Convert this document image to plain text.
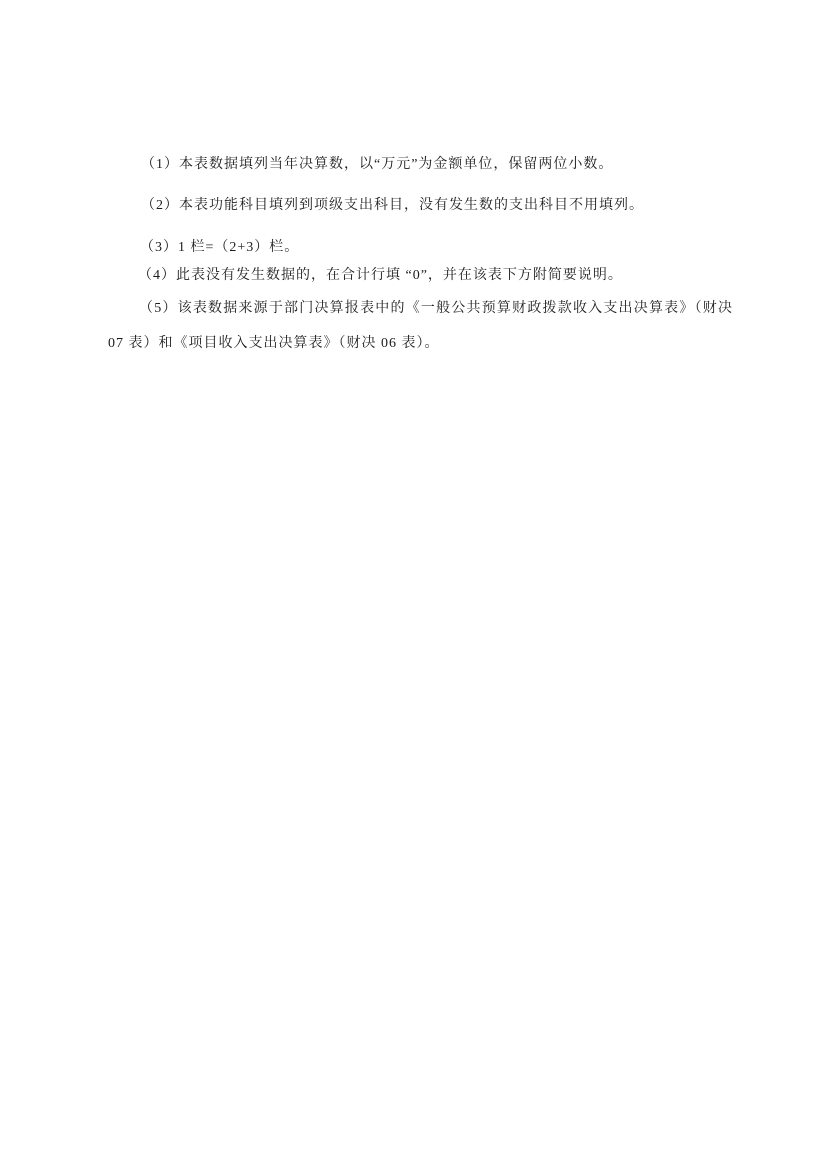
（1）本表数据填列当年决算数，以“万元”为金额单位，保留两位小数。
（2）本表功能科目填列到项级支出科目，没有发生数的支出科目不用填列。
（3）1 栏=（2+3）栏。
（4）此表没有发生数据的，在合计行填 “0”，并在该表下方附简要说明。
（5）该表数据来源于部门决算报表中的《一般公共预算财政拨款收入支出决算表》（财决
07 表）和《项目收入支出决算表》（财决 06 表）。
